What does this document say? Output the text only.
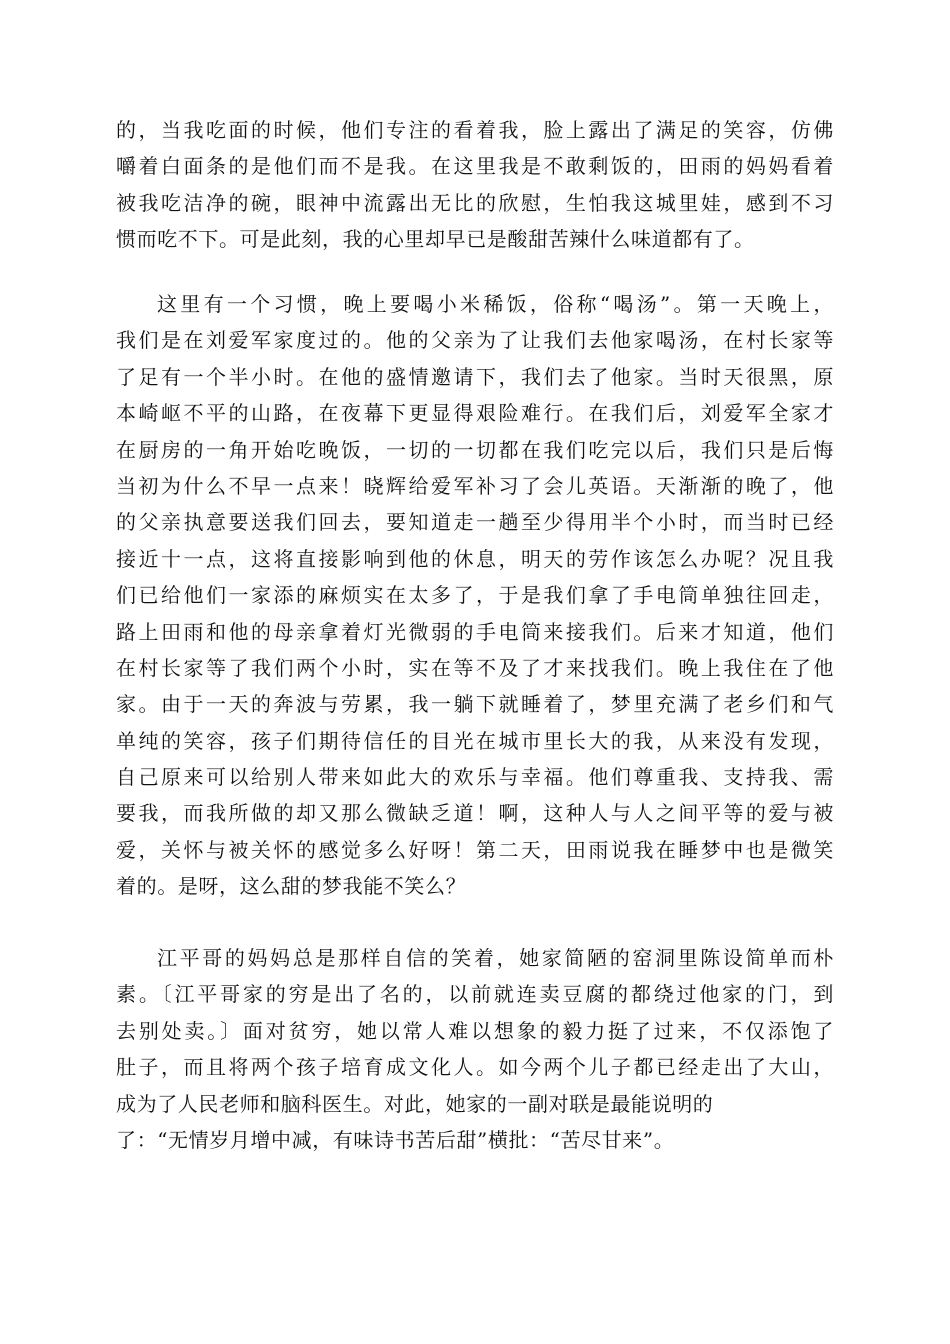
的，当我吃面的时候，他们专注的看着我，脸上露出了满足的笑容，仿佛
嚼着白面条的是他们而不是我。在这里我是不敢剩饭的，田雨的妈妈看着
被我吃洁净的碗，眼神中流露出无比的欣慰，生怕我这城里娃，感到不习
惯而吃不下。可是此刻，我的心里却早已是酸甜苦辣什么味道都有了。
这里有一个习惯，晚上要喝小米稀饭，俗称“喝汤”。第一天晚上，
我们是在刘爱军家度过的。他的父亲为了让我们去他家喝汤，在村长家等
了足有一个半小时。在他的盛情邀请下，我们去了他家。当时天很黑，原
本崎岖不平的山路，在夜幕下更显得艰险难行。在我们后，刘爱军全家才
在厨房的一角开始吃晚饭，一切的一切都在我们吃完以后，我们只是后悔
当初为什么不早一点来！晓辉给爱军补习了会儿英语。天渐渐的晚了，他
的父亲执意要送我们回去，要知道走一趟至少得用半个小时，而当时已经
接近十一点，这将直接影响到他的休息，明天的劳作该怎么办呢？况且我
们已给他们一家添的麻烦实在太多了，于是我们拿了手电筒单独往回走，
路上田雨和他的母亲拿着灯光微弱的手电筒来接我们。后来才知道，他们
在村长家等了我们两个小时，实在等不及了才来找我们。晚上我住在了他
家。由于一天的奔波与劳累，我一躺下就睡着了，梦里充满了老乡们和气
单纯的笑容，孩子们期待信任的目光在城市里长大的我，从来没有发现，
自己原来可以给别人带来如此大的欢乐与幸福。他们尊重我、支持我、需
要我，而我所做的却又那么微缺乏道！啊，这种人与人之间平等的爱与被
爱，关怀与被关怀的感觉多么好呀！第二天，田雨说我在睡梦中也是微笑
着的。是呀，这么甜的梦我能不笑么？
江平哥的妈妈总是那样自信的笑着，她家简陋的窑洞里陈设简单而朴
素。〔江平哥家的穷是出了名的，以前就连卖豆腐的都绕过他家的门，到
去别处卖。〕面对贫穷，她以常人难以想象的毅力挺了过来，不仅添饱了
肚子，而且将两个孩子培育成文化人。如今两个儿子都已经走出了大山，
成为了人民老师和脑科医生。对此，她家的一副对联是最能说明的
了：“无情岁月增中减，有味诗书苦后甜”横批：“苦尽甘来”。
